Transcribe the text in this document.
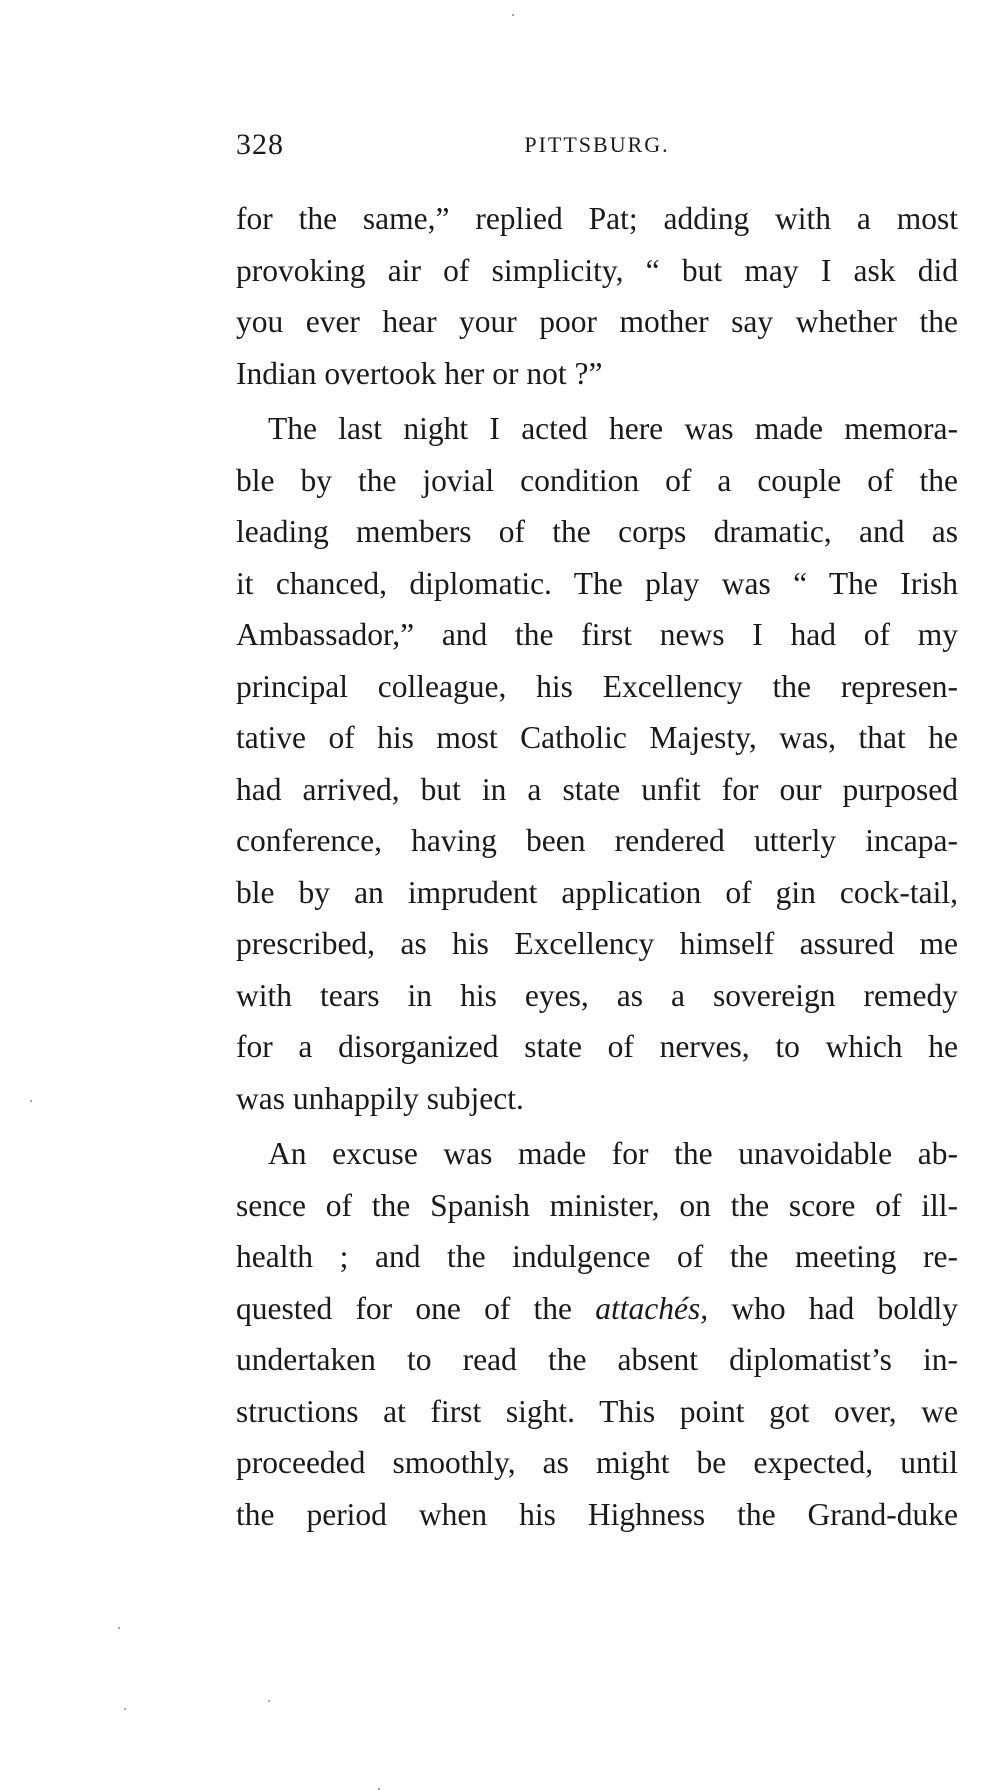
328	PITTSBURG.
for the same,” replied Pat; adding with a most
provoking air of simplicity, “ but may I ask did
you ever hear your poor mother say whether the
Indian overtook her or not ?”
The last night I acted here was made memora-
ble by the jovial condition of a couple of the
leading members of the corps dramatic, and as
it chanced, diplomatic. The play was “ The Irish
Ambassador,” and the first news I had of my
principal colleague, his Excellency the represen-
tative of his most Catholic Majesty, was, that he
had arrived, but in a state unfit for our purposed
conference, having been rendered utterly incapa-
ble by an imprudent application of gin cock-tail,
prescribed, as his Excellency himself assured me
with tears in his eyes, as a sovereign remedy
for a disorganized state of nerves, to which he
was unhappily subject.
An excuse was made for the unavoidable ab-
sence of the Spanish minister, on the score of ill-
health ; and the indulgence of the meeting re-
quested for one of the attachés, who had boldly
undertaken to read the absent diplomatist’s in-
structions at first sight. This point got over, we
proceeded smoothly, as might be expected, until
the period when his Highness the Grand-duke
